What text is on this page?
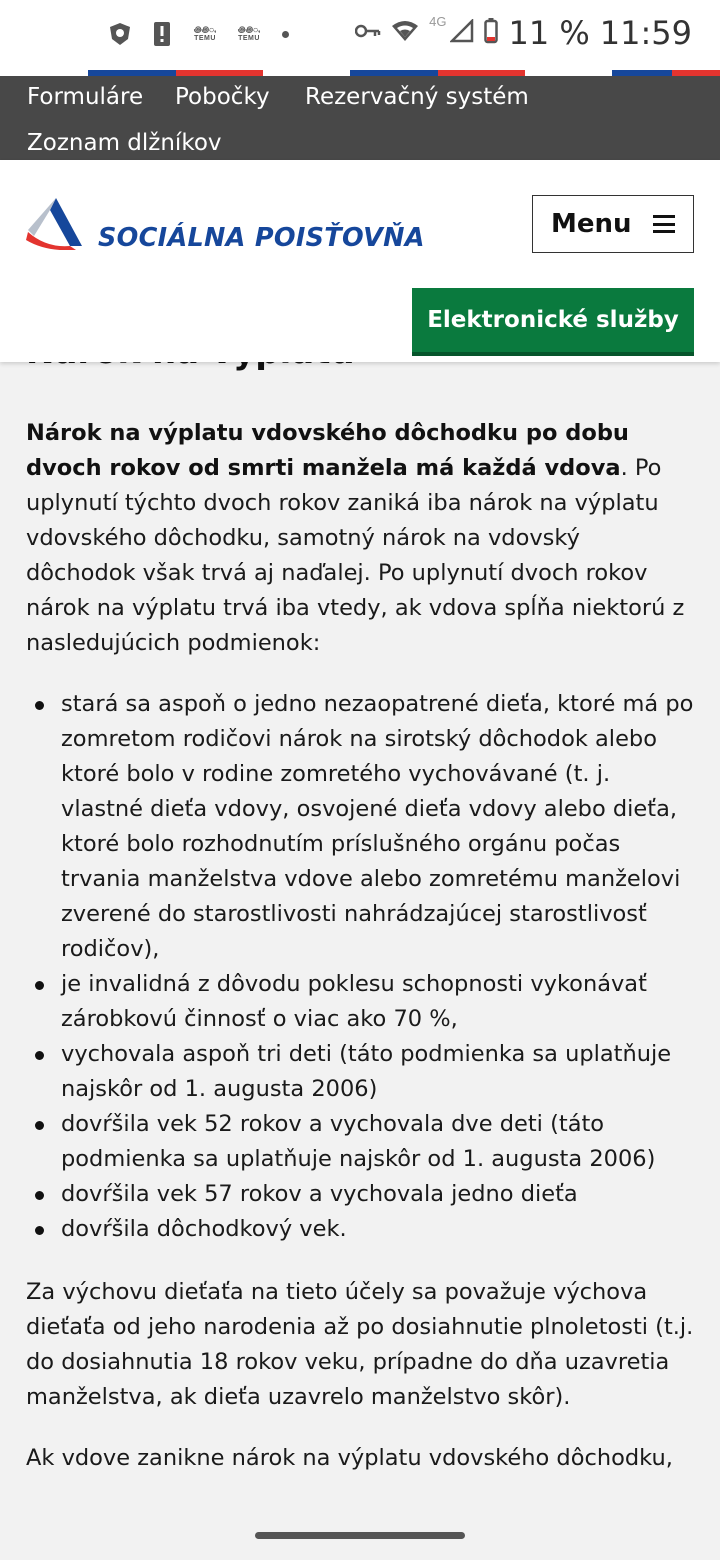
꩜꩜ꩻ
TEMU
꩜꩜ꩻ
TEMU
4G 11 % 11:59
Formuláre Pobočky Rezervačný systém
Zoznam dlžníkov
SOCIÁLNA POISŤOVŇA	Menu
Elektronické služby

Nárok na výplatu vdovského dôchodku po dobu dvoch rokov od smrti manžela má každá vdova. Po uplynutí týchto dvoch rokov zaniká iba nárok na výplatu vdovského dôchodku, samotný nárok na vdovský dôchodok však trvá aj naďalej. Po uplynutí dvoch rokov nárok na výplatu trvá iba vtedy, ak vdova spĺňa niektorú z nasledujúcich podmienok:

stará sa aspoň o jedno nezaopatrené dieťa, ktoré má po zomretom rodičovi nárok na sirotský dôchodok alebo ktoré bolo v rodine zomretého vychovávané (t. j. vlastné dieťa vdovy, osvojené dieťa vdovy alebo dieťa, ktoré bolo rozhodnutím príslušného orgánu počas trvania manželstva vdove alebo zomretému manželovi zverené do starostlivosti nahrádzajúcej starostlivosť rodičov),
je invalidná z dôvodu poklesu schopnosti vykonávať zárobkovú činnosť o viac ako 70 %,
vychovala aspoň tri deti (táto podmienka sa uplatňuje najskôr od 1. augusta 2006)
dovŕšila vek 52 rokov a vychovala dve deti (táto podmienka sa uplatňuje najskôr od 1. augusta 2006)
dovŕšila vek 57 rokov a vychovala jedno dieťa
dovŕšila dôchodkový vek.

Za výchovu dieťaťa na tieto účely sa považuje výchova dieťaťa od jeho narodenia až po dosiahnutie plnoletosti (t.j. do dosiahnutia 18 rokov veku, prípadne do dňa uzavretia manželstva, ak dieťa uzavrelo manželstvo skôr).

Ak vdove zanikne nárok na výplatu vdovského dôchodku,
